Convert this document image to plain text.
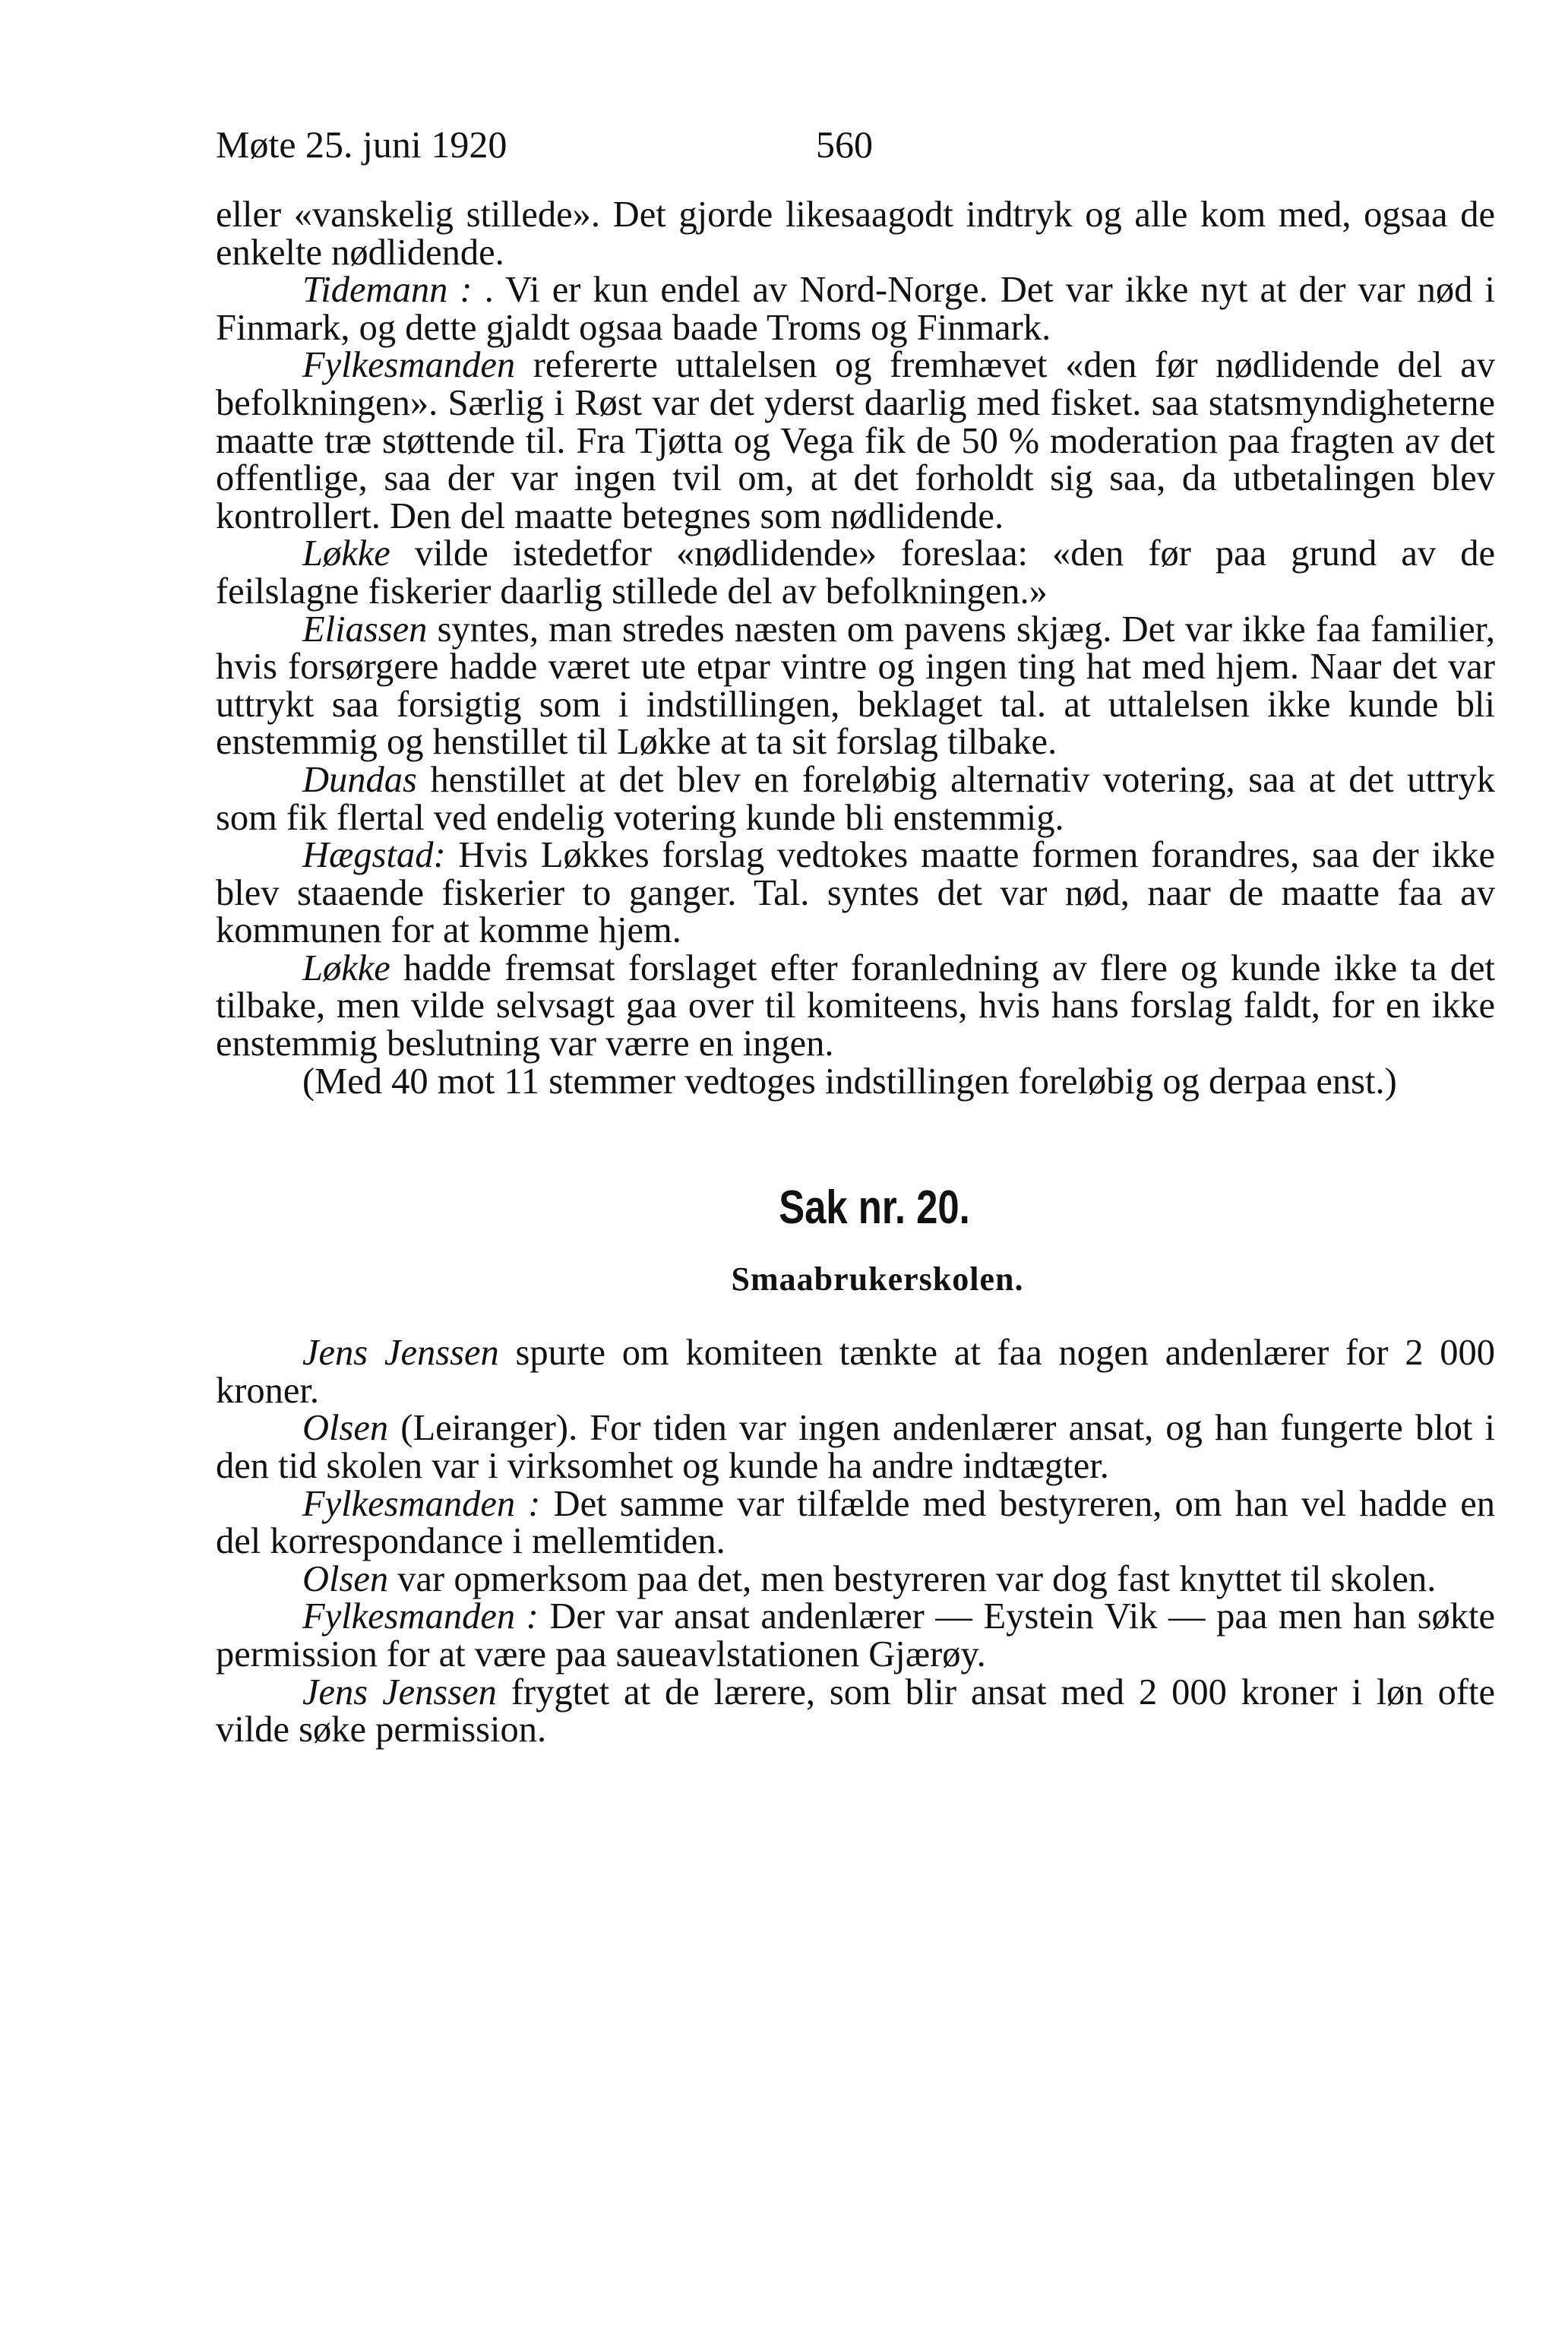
Møte 25. juni 1920	560

eller «vanskelig stillede». Det gjorde likesaagodt indtryk og alle kom med, ogsaa de enkelte nødlidende.

Tidemann : . Vi er kun endel av Nord-Norge. Det var ikke nyt at der var nød i Finmark, og dette gjaldt ogsaa baade Troms og Finmark.

Fylkesmanden refererte uttalelsen og fremhævet «den før nødlidende del av befolkningen». Særlig i Røst var det yderst daarlig med fisket. saa statsmyndigheterne maatte træ støttende til. Fra Tjøtta og Vega fik de 50 % moderation paa fragten av det offentlige, saa der var ingen tvil om, at det forholdt sig saa, da utbetalingen blev kontrollert. Den del maatte betegnes som nødlidende.

Løkke vilde istedetfor «nødlidende» foreslaa: «den før paa grund av de feilslagne fiskerier daarlig stillede del av befolkningen.»

Eliassen syntes, man stredes næsten om pavens skjæg. Det var ikke faa familier, hvis forsørgere hadde været ute etpar vintre og ingen ting hat med hjem. Naar det var uttrykt saa forsigtig som i indstillingen, beklaget tal. at uttalelsen ikke kunde bli enstemmig og henstillet til Løkke at ta sit forslag tilbake.

Dundas henstillet at det blev en foreløbig alternativ votering, saa at det uttryk som fik flertal ved endelig votering kunde bli enstemmig.

Hægstad: Hvis Løkkes forslag vedtokes maatte formen forandres, saa der ikke blev staaende fiskerier to ganger. Tal. syntes det var nød, naar de maatte faa av kommunen for at komme hjem.

Løkke hadde fremsat forslaget efter foranledning av flere og kunde ikke ta det tilbake, men vilde selvsagt gaa over til komiteens, hvis hans forslag faldt, for en ikke enstemmig beslutning var værre en ingen.

(Med 40 mot 11 stemmer vedtoges indstillingen foreløbig og derpaa enst.)

Sak nr. 20.
Smaabrukerskolen.

Jens Jenssen spurte om komiteen tænkte at faa nogen andenlærer for 2 000 kroner.

Olsen (Leiranger). For tiden var ingen andenlærer ansat, og han fungerte blot i den tid skolen var i virksomhet og kunde ha andre indtægter.

Fylkesmanden : Det samme var tilfælde med bestyreren, om han vel hadde en del korrespondance i mellemtiden.

Olsen var opmerksom paa det, men bestyreren var dog fast knyttet til skolen.

Fylkesmanden : Der var ansat andenlærer — Eystein Vik — paa men han søkte permission for at være paa saueavlstationen Gjærøy.

Jens Jenssen frygtet at de lærere, som blir ansat med 2 000 kroner i løn ofte vilde søke permission.
